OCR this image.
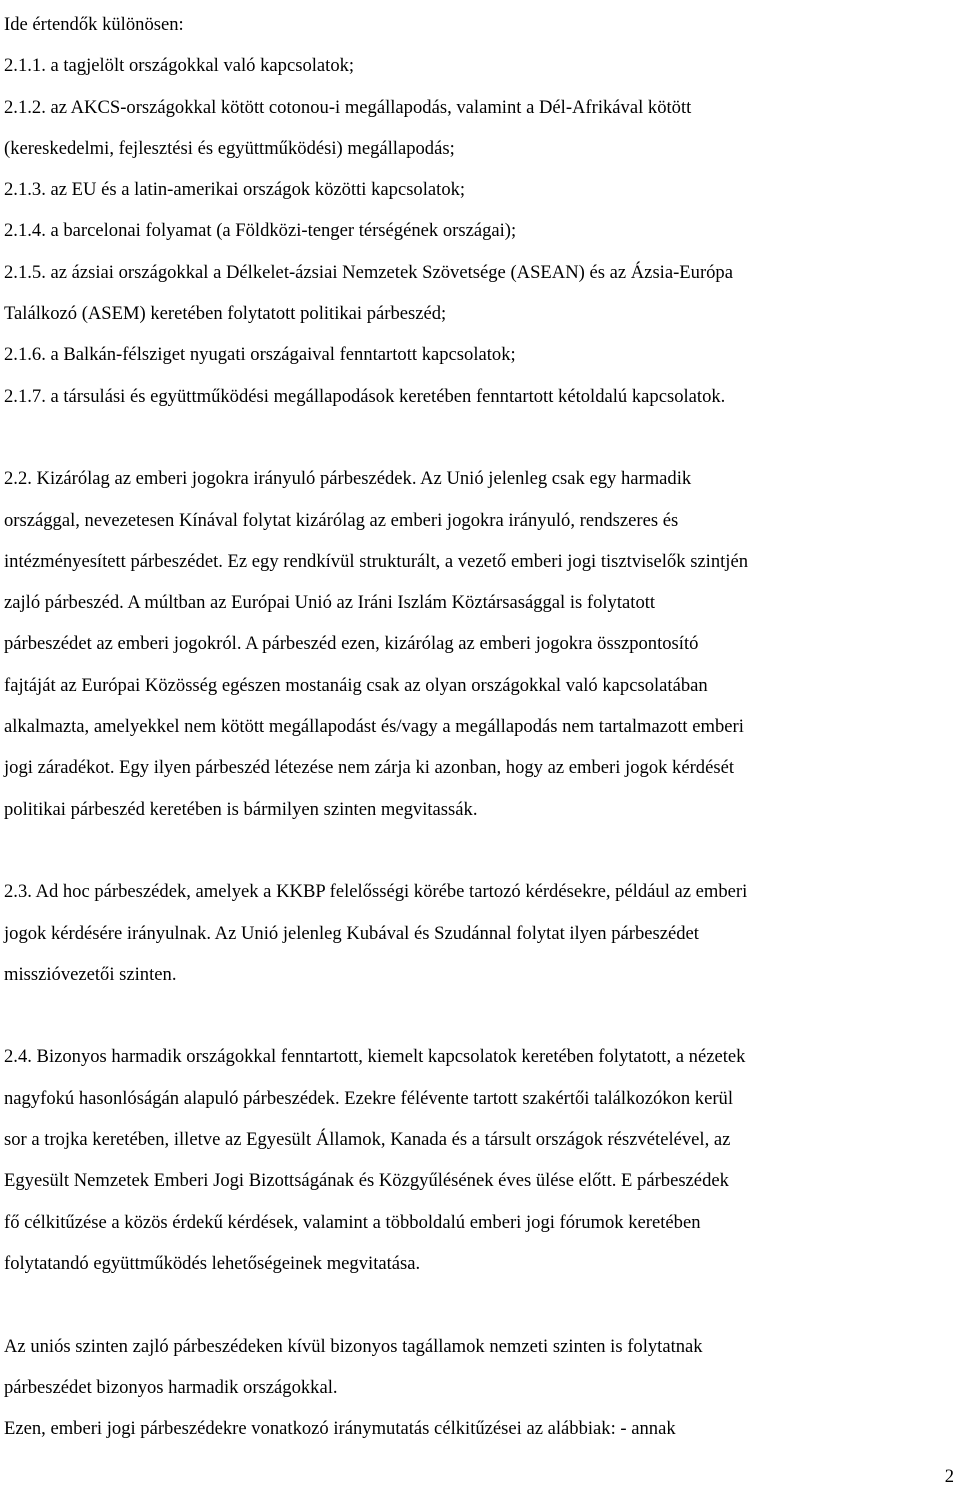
Ide értendők különösen:
2.1.1. a tagjelölt országokkal való kapcsolatok;
2.1.2. az AKCS-országokkal kötött cotonou-i megállapodás, valamint a Dél-Afrikával kötött
(kereskedelmi, fejlesztési és együttműködési) megállapodás;
2.1.3. az EU és a latin-amerikai országok közötti kapcsolatok;
2.1.4. a barcelonai folyamat (a Földközi-tenger térségének országai);
2.1.5. az ázsiai országokkal a Délkelet-ázsiai Nemzetek Szövetsége (ASEAN) és az Ázsia-Európa
Találkozó (ASEM) keretében folytatott politikai párbeszéd;
2.1.6. a Balkán-félsziget nyugati országaival fenntartott kapcsolatok;
2.1.7. a társulási és együttműködési megállapodások keretében fenntartott kétoldalú kapcsolatok.
2.2. Kizárólag az emberi jogokra irányuló párbeszédek. Az Unió jelenleg csak egy harmadik
országgal, nevezetesen Kínával folytat kizárólag az emberi jogokra irányuló, rendszeres és
intézményesített párbeszédet. Ez egy rendkívül strukturált, a vezető emberi jogi tisztviselők szintjén
zajló párbeszéd. A múltban az Európai Unió az Iráni Iszlám Köztársasággal is folytatott
párbeszédet az emberi jogokról. A párbeszéd ezen, kizárólag az emberi jogokra összpontosító
fajtáját az Európai Közösség egészen mostanáig csak az olyan országokkal való kapcsolatában
alkalmazta, amelyekkel nem kötött megállapodást és/vagy a megállapodás nem tartalmazott emberi
jogi záradékot. Egy ilyen párbeszéd létezése nem zárja ki azonban, hogy az emberi jogok kérdését
politikai párbeszéd keretében is bármilyen szinten megvitassák.
2.3. Ad hoc párbeszédek, amelyek a KKBP felelősségi körébe tartozó kérdésekre, például az emberi
jogok kérdésére irányulnak. Az Unió jelenleg Kubával és Szudánnal folytat ilyen párbeszédet
misszióvezetői szinten.
2.4. Bizonyos harmadik országokkal fenntartott, kiemelt kapcsolatok keretében folytatott, a nézetek
nagyfokú hasonlóságán alapuló párbeszédek. Ezekre félévente tartott szakértői találkozókon kerül
sor a trojka keretében, illetve az Egyesült Államok, Kanada és a társult országok részvételével, az
Egyesült Nemzetek Emberi Jogi Bizottságának és Közgyűlésének éves ülése előtt. E párbeszédek
fő célkitűzése a közös érdekű kérdések, valamint a többoldalú emberi jogi fórumok keretében
folytatandó együttműködés lehetőségeinek megvitatása.
Az uniós szinten zajló párbeszédeken kívül bizonyos tagállamok nemzeti szinten is folytatnak
párbeszédet bizonyos harmadik országokkal.
Ezen, emberi jogi párbeszédekre vonatkozó iránymutatás célkitűzései az alábbiak: - annak
2
